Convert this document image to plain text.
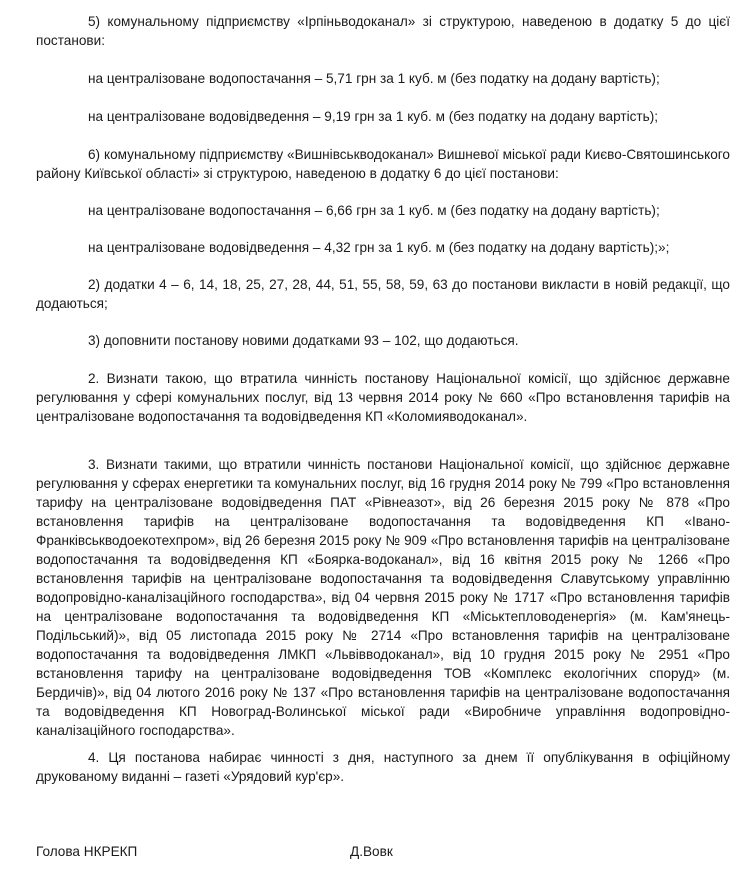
5) комунальному підприємству «Ірпіньводоканал» зі структурою, наведеною в додатку 5 до цієї постанови:

на централізоване водопостачання – 5,71 грн за 1 куб. м (без податку на додану вартість);

на централізоване водовідведення – 9,19 грн за 1 куб. м (без податку на додану вартість);

6) комунальному підприємству «Вишнівськводоканал» Вишневої міської ради Києво-Святошинського району Київської області» зі структурою, наведеною в додатку 6 до цієї постанови:

на централізоване водопостачання – 6,66 грн за 1 куб. м (без податку на додану вартість);

на централізоване водовідведення – 4,32 грн за 1 куб. м (без податку на додану вартість);»;

2) додатки 4 – 6, 14, 18, 25, 27, 28, 44, 51, 55, 58, 59, 63 до постанови викласти в новій редакції, що додаються;

3) доповнити постанову новими додатками 93 – 102, що додаються.

2. Визнати такою, що втратила чинність постанову Національної комісії, що здійснює державне регулювання у сфері комунальних послуг, від 13 червня 2014 року № 660 «Про встановлення тарифів на централізоване водопостачання та водовідведення КП «Коломияводоканал».

3. Визнати такими, що втратили чинність постанови Національної комісії, що здійснює державне регулювання у сферах енергетики та комунальних послуг, від 16 грудня 2014 року № 799 «Про встановлення тарифу на централізоване водовідведення ПАТ «Рівнеазот», від 26 березня 2015 року № 878 «Про встановлення тарифів на централізоване водопостачання та водовідведення КП «Івано-Франківськводоекотехпром», від 26 березня 2015 року № 909 «Про встановлення тарифів на централізоване водопостачання та водовідведення КП «Боярка-водоканал», від 16 квітня 2015 року № 1266 «Про встановлення тарифів на централізоване водопостачання та водовідведення Славутському управлінню водопровідно-каналізаційного господарства», від 04 червня 2015 року № 1717 «Про встановлення тарифів на централізоване водопостачання та водовідведення КП «Міськтепловоденергія» (м. Кам'янець-Подільський)», від 05 листопада 2015 року № 2714 «Про встановлення тарифів на централізоване водопостачання та водовідведення ЛМКП «Львівводоканал», від 10 грудня 2015 року № 2951 «Про встановлення тарифу на централізоване водовідведення ТОВ «Комплекс екологічних споруд» (м. Бердичів)», від 04 лютого 2016 року № 137 «Про встановлення тарифів на централізоване водопостачання та водовідведення КП Новоград-Волинської міської ради «Виробниче управління водопровідно-каналізаційного господарства».

4. Ця постанова набирає чинності з дня, наступного за днем її опублікування в офіційному друкованому виданні – газеті «Урядовий кур'єр».

Голова НКРЕКП	Д.Вовк
